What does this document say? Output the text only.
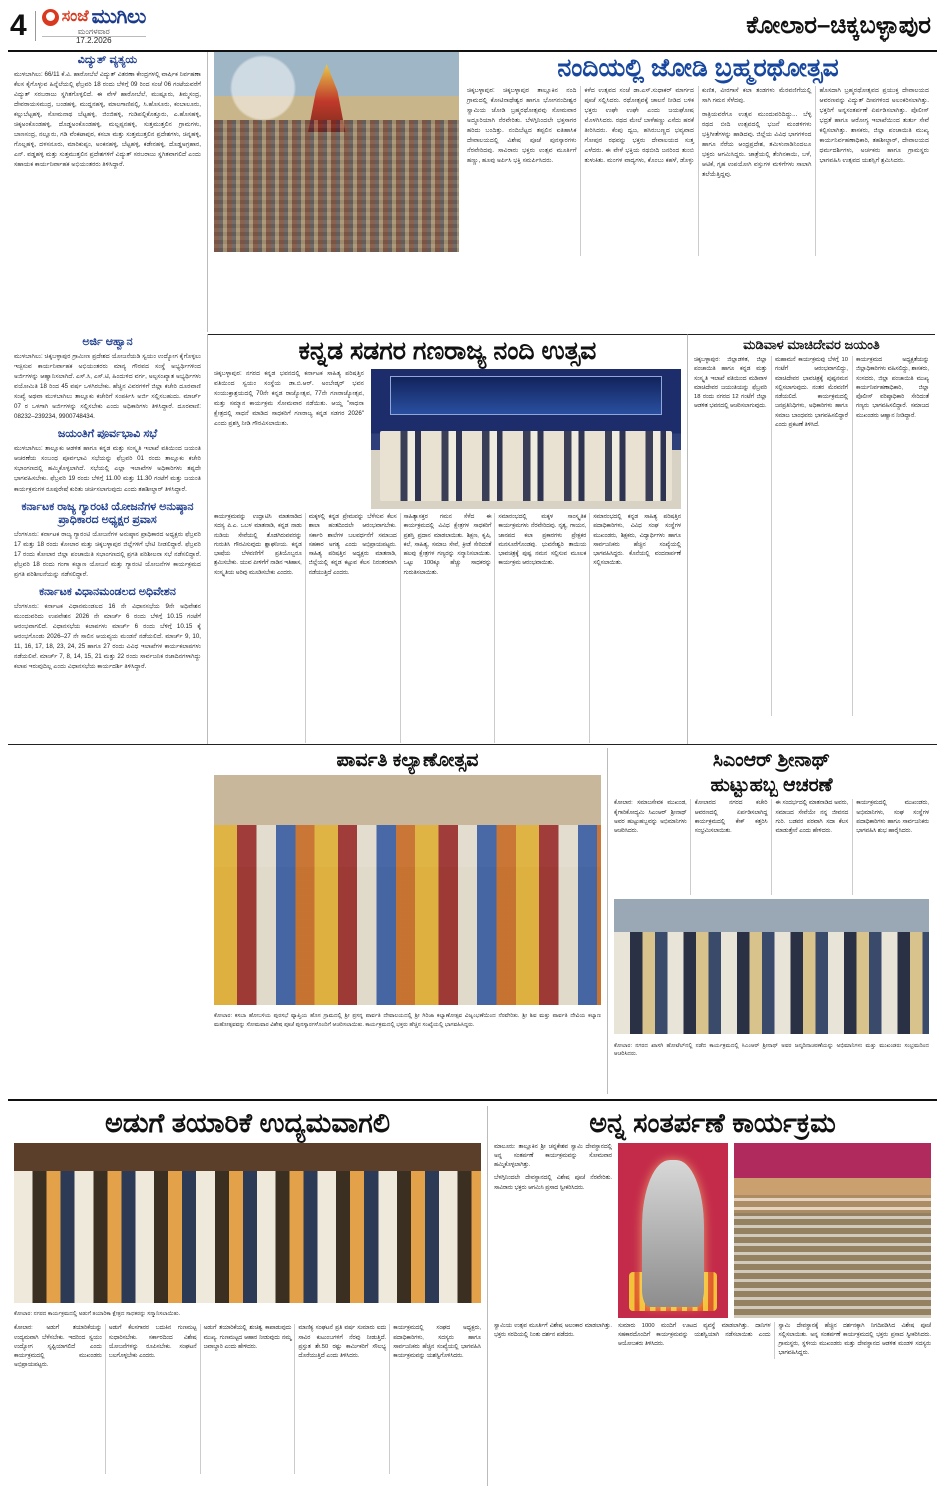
4	ಸಂಜೆ ಮುಗಿಲು
ಮಂಗಳವಾರ
17.2.2026
ಕೋಲಾರ–ಚಿಕ್ಕಬಳ್ಳಾಪುರ
ವಿದ್ಯುತ್ ವ್ಯತ್ಯಯ

ಮುಳಬಾಗಿಲು: 66/11 ಕೆ.ವಿ. ಹಾರೋಬೆಲೆ ವಿದ್ಯುತ್ ವಿತರಣಾ ಕೇಂದ್ರಗಳಲ್ಲಿ ವಾರ್ಷಿಕ ನಿರ್ವಹಣಾ ಕೆಲಸ ಕೈಗೊಳ್ಳುವ ಹಿನ್ನೆಲೆಯಲ್ಲಿ ಫೆಬ್ರವರಿ 18 ರಂದು ಬೆಳಿಗ್ಗೆ 09 ರಿಂದ ಸಂಜೆ 06 ಗಂಟೆಯವರೆಗೆ ವಿದ್ಯುತ್ ಸರಬರಾಜು ಸ್ಥಗಿತಗೊಳ್ಳಲಿದೆ. ಈ ವೇಳೆ ಹಾರೋಬೆಲೆ, ಮುಷ್ಟೂರು, ತಿಮ್ಮಸಂದ್ರ, ದೇವರಾಯಸಮುದ್ರ, ಬಂಡಹಳ್ಳಿ, ಮುದ್ದನಹಳ್ಳಿ, ಮಾಲಗಾಣಿಪಲ್ಲಿ, ಸಿ.ಹೊಸೂರು, ಕಂಬಾಲೂರು, ಕಲ್ಲುಬೆಟ್ಟಹಳ್ಳಿ, ಸೋಮನಾಥ ಬೆಟ್ಟಹಳ್ಳಿ, ಜಿಂಜಿಹಳ್ಳಿ, ಗುಡಿಪಲ್ಲಿಕೊತ್ತೂರು, ಎ.ಹೊಸಹಳ್ಳಿ, ಚಿಕ್ಕಅಂಕೊಂಡಹಳ್ಳಿ, ದೊಡ್ಡಅಂಕೊಂಡಹಳ್ಳಿ, ಮಲ್ಲಪ್ಪನಹಳ್ಳಿ, ಸುತ್ತಮುತ್ತಲಿನ ಗ್ರಾಮಗಳು, ಬಾಣಸಂದ್ರ, ನಲ್ಲೂರು, ಗಡಿ ವೆಂಕಟಾಪುರ, ಕಸಬಾ ಮತ್ತು ಸುತ್ತಮುತ್ತಲಿನ ಪ್ರದೇಶಗಳು, ಚಿನ್ನಹಳ್ಳಿ, ಗೊಲ್ಲಹಳ್ಳಿ, ದಳಸನೂರು, ಮಾರಿಕುಪ್ಪಂ, ಅಂಕನಹಳ್ಳಿ, ಬೆಟ್ಟಹಳ್ಳಿ, ಕಡೇನಹಳ್ಳಿ, ದೊಡ್ಡಅಗ್ರಹಾರ, ಎನ್. ವಡ್ಡಹಳ್ಳಿ ಮತ್ತು ಸುತ್ತಮುತ್ತಲಿನ ಪ್ರದೇಶಗಳಿಗೆ ವಿದ್ಯುತ್ ಸರಬರಾಜು ಸ್ಥಗಿತವಾಗಲಿದೆ ಎಂದು ಸಹಾಯಕ ಕಾರ್ಯನಿರ್ವಾಹಕ ಅಭಿಯಂತರರು ತಿಳಿಸಿದ್ದಾರೆ.

ನಂದಿಯಲ್ಲಿ ಜೋಡಿ ಬ್ರಹ್ಮರಥೋತ್ಸವ

ಚಿಕ್ಕಬಳ್ಳಾಪುರ: ಚಿಕ್ಕಬಳ್ಳಾಪುರ ತಾಲ್ಲೂಕಿನ ನಂದಿ ಗ್ರಾಮದಲ್ಲಿ ಕೋಟಿನಾಥೇಶ್ವರ ಹಾಗೂ ಭೋಗನಂದೀಶ್ವರ ಸ್ವಾಮಿಯ ಜೋಡಿ ಬ್ರಹ್ಮರಥೋತ್ಸವವು ಸೋಮವಾರ ಅದ್ಧೂರಿಯಾಗಿ ನೆರವೇರಿತು. ಬೆಳಗ್ಗಿನಿಂದಲೇ ಭಕ್ತಸಾಗರ ಹರಿದು ಬಂದಿತ್ತು. ನಂದಿಬೆಟ್ಟದ ತಪ್ಪಲಿನ ಐತಿಹಾಸಿಕ ದೇವಾಲಯದಲ್ಲಿ ವಿಶೇಷ ಪೂಜೆ ಪುನಸ್ಕಾರಗಳು ನೆರವೇರಿದವು. ಸಾವಿರಾರು ಭಕ್ತರು ಉತ್ಸವ ಮೂರ್ತಿಗೆ ಹಣ್ಣು, ಹೂವು ಅರ್ಪಿಸಿ ಭಕ್ತಿ ಸಮರ್ಪಿಸಿದರು.

ಕಳೆದ ಉತ್ಸವದ ಸಂಜೆ ಡಾ.ಎಸ್.ಸುಧಾಕರ್ ಮಾರ್ಗದ ಪೂಜೆ ಸಲ್ಲಿಸಿದರು. ರಥೋತ್ಸವಕ್ಕೆ ಚಾಲನೆ ನೀಡಿದ ಬಳಿಕ ಭಕ್ತರು ಉಘೇ ಉಘೇ ಎಂದು ಜಯಘೋಷ ಮೊಳಗಿಸಿದರು. ರಥದ ಮೇಲೆ ಬಾಳೆಹಣ್ಣು ಎಸೆದು ಹರಕೆ ತೀರಿಸಿದರು. ಕೆಂಪು ದ್ವಜ, ಹಸಿರುಬಣ್ಣದ ಭವ್ಯವಾದ ಗೋಪುರ ರಥವನ್ನು ಭಕ್ತರು ದೇವಾಲಯದ ಸುತ್ತ ಎಳೆದರು. ಈ ವೇಳೆ ಭಕ್ತಿಯ ರಥಬೀದಿ ಜನರಿಂದ ತುಂಬಿ ತುಳುಕಿತು. ಮಂಗಳ ವಾದ್ಯಗಳು, ಕೊಂಬು ಕಹಳೆ, ಡೊಳ್ಳು ಕುಣಿತ, ವೀರಗಾಸೆ ಕಲಾ ತಂಡಗಳು ಮೆರವಣಿಗೆಯಲ್ಲಿ ಸಾಗಿ ಗಮನ ಸೆಳೆದವು.

ರಾತ್ರಿಯವರೆಗೂ ಉತ್ಸವ ಮುಂದುವರಿದಿದ್ದು... ಬೆಳ್ಳಿ ರಥದ ಬೀದಿ ಉತ್ಸವದಲ್ಲಿ ಭಜನೆ ಮಂಡಳಿಗಳು ಭಕ್ತಿಗೀತೆಗಳನ್ನು ಹಾಡಿದವು. ಜಿಲ್ಲೆಯ ವಿವಿಧ ಭಾಗಗಳಿಂದ ಹಾಗೂ ನೆರೆಯ ಆಂಧ್ರಪ್ರದೇಶ, ತಮಿಳುನಾಡಿನಿಂದಲೂ ಭಕ್ತರು ಆಗಮಿಸಿದ್ದರು. ಜಾತ್ರೆಯಲ್ಲಿ ತೆಂಗಿನಕಾಯಿ, ಬಳೆ, ಆಟಿಕೆ, ಗೃಹ ಉಪಯೋಗಿ ವಸ್ತುಗಳ ಮಳಿಗೆಗಳು ಸಾಲಾಗಿ ತಲೆಯೆತ್ತಿದ್ದವು.

ಹೊಸದಾಗಿ ಬ್ರಹ್ಮರಥೋತ್ಸವದ ಪ್ರಯುಕ್ತ ದೇವಾಲಯದ ಆವರಣವನ್ನು ವಿದ್ಯುತ್ ದೀಪಗಳಿಂದ ಅಲಂಕರಿಸಲಾಗಿತ್ತು. ಭಕ್ತರಿಗೆ ಅನ್ನಸಂತರ್ಪಣೆ ಏರ್ಪಡಿಸಲಾಗಿತ್ತು. ಪೊಲೀಸ್ ಭದ್ರತೆ ಹಾಗೂ ಆರೋಗ್ಯ ಇಲಾಖೆಯಿಂದ ತುರ್ತು ಸೇವೆ ಕಲ್ಪಿಸಲಾಗಿತ್ತು. ಶಾಸಕರು, ಜಿಲ್ಲಾ ಪಂಚಾಯಿತಿ ಮುಖ್ಯ ಕಾರ್ಯನಿರ್ವಹಣಾಧಿಕಾರಿ, ತಹಶೀಲ್ದಾರ್, ದೇವಾಲಯದ ಧರ್ಮದರ್ಶಿಗಳು, ಅರ್ಚಕರು ಹಾಗೂ ಗ್ರಾಮಸ್ಥರು ಭಾಗವಹಿಸಿ ಉತ್ಸವದ ಯಶಸ್ಸಿಗೆ ಶ್ರಮಿಸಿದರು.

ಅರ್ಜಿ ಆಹ್ವಾನ

ಮುಳಬಾಗಿಲು: ಚಿಕ್ಕಬಳ್ಳಾಪುರ ಗ್ರಾಮೀಣ ಪ್ರದೇಶದ ಯೋಜನೆಯಡಿ ಸ್ವಯಂ ಉದ್ಯೋಗ ಕೈಗೊಳ್ಳಲು ಇಚ್ಛಿಸುವ ಕಾರ್ಯನಿರ್ವಾಹಕ ಅಭಿಯಂತರರು ಮಾನ್ಯ ಗೌರವದ ಸಂಸ್ಥೆ ಅಭ್ಯರ್ಥಿಗಳಿಂದ ಅರ್ಜಿಗಳನ್ನು ಆಹ್ವಾನಿಸಲಾಗಿದೆ. ಎಸ್.ಸಿ, ಎಸ್.ಟಿ, ಹಿಂದುಳಿದ ವರ್ಗ, ಅಲ್ಪಸಂಖ್ಯಾತ ಅಭ್ಯರ್ಥಿಗಳು ವಯೋಮಿತಿ 18 ರಿಂದ 45 ವರ್ಷ ಒಳಗಿರಬೇಕು. ಹೆಚ್ಚಿನ ವಿವರಗಳಿಗೆ ಜಿಲ್ಲಾ ಕಚೇರಿ ದೂರವಾಣಿ ಸಂಖ್ಯೆ ಅಥವಾ ಮುಳಬಾಗಿಲು ತಾಲ್ಲೂಕು ಕಚೇರಿಗೆ ಸಂಪರ್ಕಿಸಿ ಅರ್ಜಿ ಸಲ್ಲಿಸಬಹುದು. ಮಾರ್ಚ್ 07 ರ ಒಳಗಾಗಿ ಅರ್ಜಿಗಳನ್ನು ಸಲ್ಲಿಸಬೇಕು ಎಂದು ಅಧಿಕಾರಿಗಳು ತಿಳಿಸಿದ್ದಾರೆ. ದೂರವಾಣಿ: 08232–239234, 9900748434.

ಜಯಂತಿಗೆ ಪೂರ್ವಭಾವಿ ಸಭೆ

ಮುಳಬಾಗಿಲು: ತಾಲ್ಲೂಕು ಆಡಳಿತ ಹಾಗೂ ಕನ್ನಡ ಮತ್ತು ಸಂಸ್ಕೃತಿ ಇಲಾಖೆ ವತಿಯಿಂದ ಜಯಂತಿ ಆಚರಣೆಯ ಸಂಬಂಧ ಪೂರ್ವಭಾವಿ ಸಭೆಯನ್ನು ಫೆಬ್ರವರಿ 01 ರಂದು ತಾಲ್ಲೂಕು ಕಚೇರಿ ಸಭಾಂಗಣದಲ್ಲಿ ಹಮ್ಮಿಕೊಳ್ಳಲಾಗಿದೆ. ಸಭೆಯಲ್ಲಿ ಎಲ್ಲಾ ಇಲಾಖೆಗಳ ಅಧಿಕಾರಿಗಳು ತಪ್ಪದೇ ಭಾಗವಹಿಸಬೇಕು. ಫೆಬ್ರವರಿ 19 ರಂದು ಬೆಳಿಗ್ಗೆ 11.00 ಮತ್ತು 11.30 ಗಂಟೆಗೆ ಮತ್ತು ಜಯಂತಿ ಕಾರ್ಯಕ್ರಮಗಳ ರೂಪುರೇಷೆ ಕುರಿತು ಚರ್ಚಿಸಲಾಗುವುದು ಎಂದು ತಹಶೀಲ್ದಾರ್ ತಿಳಿಸಿದ್ದಾರೆ.

ಕರ್ನಾಟಕ ರಾಜ್ಯ ಗ್ಯಾರಂಟಿ ಯೋಜನೆಗಳ ಅನುಷ್ಠಾನ ಪ್ರಾಧಿಕಾರದ ಅಧ್ಯಕ್ಷರ ಪ್ರವಾಸ

ಬೆಂಗಳೂರು: ಕರ್ನಾಟಕ ರಾಜ್ಯ ಗ್ಯಾರಂಟಿ ಯೋಜನೆಗಳ ಅನುಷ್ಠಾನ ಪ್ರಾಧಿಕಾರದ ಅಧ್ಯಕ್ಷರು ಫೆಬ್ರವರಿ 17 ಮತ್ತು 18 ರಂದು ಕೋಲಾರ ಮತ್ತು ಚಿಕ್ಕಬಳ್ಳಾಪುರ ಜಿಲ್ಲೆಗಳಿಗೆ ಭೇಟಿ ನೀಡಲಿದ್ದಾರೆ. ಫೆಬ್ರವರಿ 17 ರಂದು ಕೋಲಾರ ಜಿಲ್ಲಾ ಪಂಚಾಯಿತಿ ಸಭಾಂಗಣದಲ್ಲಿ ಪ್ರಗತಿ ಪರಿಶೀಲನಾ ಸಭೆ ನಡೆಸಲಿದ್ದಾರೆ. ಫೆಬ್ರವರಿ 18 ರಂದು ಗಂಗಾ ಕಲ್ಯಾಣ ಯೋಜನೆ ಮತ್ತು ಗ್ಯಾರಂಟಿ ಯೋಜನೆಗಳ ಕಾರ್ಯಕ್ರಮದ ಪ್ರಗತಿ ಪರಿಶೀಲನೆಯನ್ನು ನಡೆಸಲಿದ್ದಾರೆ.

ಕರ್ನಾಟಕ ವಿಧಾನಮಂಡಲದ ಅಧಿವೇಶನ

ಬೆಂಗಳೂರು: ಕರ್ನಾಟಕ ವಿಧಾನಮಂಡಲದ 16 ನೇ ವಿಧಾನಸಭೆಯ 9ನೇ ಅಧಿವೇಶನ ಮುಂದುವರಿದು ಉಪವೇಶನ 2026 ನೇ ಮಾರ್ಚ್ 6 ರಂದು ಬೆಳಿಗ್ಗೆ 10.15 ಗಂಟೆಗೆ ಆರಂಭವಾಗಲಿದೆ. ವಿಧಾನಸಭೆಯ ಕಲಾಪಗಳು ಮಾರ್ಚ್ 6 ರಂದು ಬೆಳಿಗ್ಗೆ 10.15 ಕ್ಕೆ ಆರಂಭಗೊಂಡು 2026–27 ನೇ ಸಾಲಿನ ಆಯವ್ಯಯ ಮಂಡನೆ ನಡೆಯಲಿದೆ. ಮಾರ್ಚ್ 9, 10, 11, 16, 17, 18, 23, 24, 25 ಹಾಗೂ 27 ರಂದು ವಿವಿಧ ಇಲಾಖೆಗಳ ಕಾರ್ಯಕಲಾಪಗಳು ನಡೆಯಲಿವೆ. ಮಾರ್ಚ್ 7, 8, 14, 15, 21 ಮತ್ತು 22 ರಂದು ಸಾರ್ವಜನಿಕ ರಜಾದಿನಗಳಾಗಿದ್ದು ಕಲಾಪ ಇರುವುದಿಲ್ಲ ಎಂದು ವಿಧಾನಸಭೆಯ ಕಾರ್ಯದರ್ಶಿ ತಿಳಿಸಿದ್ದಾರೆ.

ಕನ್ನಡ ಸಡಗರ ಗಣರಾಜ್ಯ ನಂದಿ ಉತ್ಸವ

ಚಿಕ್ಕಬಳ್ಳಾಪುರ: ನಗರದ ಕನ್ನಡ ಭವನದಲ್ಲಿ ಕರ್ನಾಟಕ ಸಾಹಿತ್ಯ ಪರಿಷತ್ತಿನ ವತಿಯಿಂದ ಸ್ವಯಂ ಸಂಸ್ಥೆಯ ಡಾ.ಬಿ.ಆರ್. ಅಂಬೇಡ್ಕರ್ ಭವನ ಸಂಯುಕ್ತಾಶ್ರಯದಲ್ಲಿ 70ನೇ ಕನ್ನಡ ರಾಜ್ಯೋತ್ಸವ, 77ನೇ ಗಣರಾಜ್ಯೋತ್ಸವ, ಮತ್ತು ಸಮ್ಮಾನ ಕಾರ್ಯಕ್ರಮ ಸೋಮವಾರ ನಡೆಯಿತು. ಆಯ್ದ "ಸಾಧನಾ ಕ್ಷೇತ್ರದಲ್ಲಿ ಸಾಧನೆ ಮಾಡಿದ ಸಾಧಕರಿಗೆ ಗಣರಾಜ್ಯ ಕನ್ನಡ ಸಡಗರ 2026" ಎಂದು ಪ್ರಶಸ್ತಿ ನೀಡಿ ಗೌರವಿಸಲಾಯಿತು.

ಕಾರ್ಯಕ್ರಮವನ್ನು ಉದ್ಘಾಟಿಸಿ ಮಾತನಾಡಿದ ಸದಸ್ಯ ಪಿ.ಎ. ಒಬಳ ಮಾತನಾಡಿ, ಕನ್ನಡ ನಾಡು ನುಡಿಯ ಸೇವೆಯಲ್ಲಿ ತೊಡಗಿರುವವರನ್ನು ಗುರುತಿಸಿ ಗೌರವಿಸುವುದು ಶ್ಲಾಘನೀಯ. ಕನ್ನಡ ಭಾಷೆಯ ಬೆಳವಣಿಗೆಗೆ ಪ್ರತಿಯೊಬ್ಬರೂ ಶ್ರಮಿಸಬೇಕು. ಯುವ ಪೀಳಿಗೆಗೆ ನಾಡಿನ ಇತಿಹಾಸ, ಸಂಸ್ಕೃತಿಯ ಅರಿವು ಮೂಡಿಸಬೇಕು ಎಂದರು.

ಮಕ್ಕಳಲ್ಲಿ ಕನ್ನಡ ಪ್ರೇಮವನ್ನು ಬೆಳೆಸುವ ಕೆಲಸ ಶಾಲಾ ಹಂತದಿಂದಲೇ ಆರಂಭವಾಗಬೇಕು. ಸರ್ಕಾರಿ ಶಾಲೆಗಳ ಬಲವರ್ಧನೆಗೆ ಸಮಾಜದ ಸಹಕಾರ ಅಗತ್ಯ ಎಂದು ಅಭಿಪ್ರಾಯಪಟ್ಟರು. ಸಾಹಿತ್ಯ ಪರಿಷತ್ತಿನ ಅಧ್ಯಕ್ಷರು ಮಾತನಾಡಿ, ಜಿಲ್ಲೆಯಲ್ಲಿ ಕನ್ನಡ ಕಟ್ಟುವ ಕೆಲಸ ನಿರಂತರವಾಗಿ ನಡೆಯುತ್ತಿದೆ ಎಂದರು.

ಸಾಹಿತ್ಯಾಸಕ್ತರ ಗಮನ ಸೆಳೆದ ಈ ಕಾರ್ಯಕ್ರಮದಲ್ಲಿ ವಿವಿಧ ಕ್ಷೇತ್ರಗಳ ಸಾಧಕರಿಗೆ ಪ್ರಶಸ್ತಿ ಪ್ರದಾನ ಮಾಡಲಾಯಿತು. ಶಿಕ್ಷಣ, ಕೃಷಿ, ಕಲೆ, ಸಾಹಿತ್ಯ, ಸಮಾಜ ಸೇವೆ, ಕ್ರೀಡೆ ಸೇರಿದಂತೆ ಹಲವು ಕ್ಷೇತ್ರಗಳ ಗಣ್ಯರನ್ನು ಸನ್ಮಾನಿಸಲಾಯಿತು. ಒಟ್ಟು 100ಕ್ಕೂ ಹೆಚ್ಚು ಸಾಧಕರನ್ನು ಗುರುತಿಸಲಾಯಿತು.

ಸಮಾರಂಭದಲ್ಲಿ ಮಕ್ಕಳ ಸಾಂಸ್ಕೃತಿಕ ಕಾರ್ಯಕ್ರಮಗಳು ನೆರವೇರಿದವು. ನೃತ್ಯ, ಗಾಯನ, ಜಾನಪದ ಕಲಾ ಪ್ರಕಾರಗಳು ಪ್ರೇಕ್ಷಕರ ಮನಸೂರೆಗೊಂಡವು. ಭುವನೇಶ್ವರಿ ತಾಯಿಯ ಭಾವಚಿತ್ರಕ್ಕೆ ಪುಷ್ಪ ನಮನ ಸಲ್ಲಿಸುವ ಮೂಲಕ ಕಾರ್ಯಕ್ರಮ ಆರಂಭವಾಯಿತು.

ಸಮಾರಂಭದಲ್ಲಿ ಕನ್ನಡ ಸಾಹಿತ್ಯ ಪರಿಷತ್ತಿನ ಪದಾಧಿಕಾರಿಗಳು, ವಿವಿಧ ಸಂಘ ಸಂಸ್ಥೆಗಳ ಮುಖಂಡರು, ಶಿಕ್ಷಕರು, ವಿದ್ಯಾರ್ಥಿಗಳು ಹಾಗೂ ಸಾರ್ವಜನಿಕರು ಹೆಚ್ಚಿನ ಸಂಖ್ಯೆಯಲ್ಲಿ ಭಾಗವಹಿಸಿದ್ದರು. ಕೊನೆಯಲ್ಲಿ ವಂದನಾರ್ಪಣೆ ಸಲ್ಲಿಸಲಾಯಿತು.

ಮಡಿವಾಳ ಮಾಚಿದೇವರ ಜಯಂತಿ

ಚಿಕ್ಕಬಳ್ಳಾಪುರ: ಜಿಲ್ಲಾಡಳಿತ, ಜಿಲ್ಲಾ ಪಂಚಾಯಿತಿ ಹಾಗೂ ಕನ್ನಡ ಮತ್ತು ಸಂಸ್ಕೃತಿ ಇಲಾಖೆ ವತಿಯಿಂದ ಮಡಿವಾಳ ಮಾಚಿದೇವರ ಜಯಂತಿಯನ್ನು ಫೆಬ್ರವರಿ 18 ರಂದು ನಗರದ 12 ಗಂಟೆಗೆ ಜಿಲ್ಲಾ ಆಡಳಿತ ಭವನದಲ್ಲಿ ಆಚರಿಸಲಾಗುವುದು.

ಮಹಾಮನೆ ಕಾರ್ಯಕ್ರಮವು ಬೆಳಗ್ಗೆ 10 ಗಂಟೆಗೆ ಆರಂಭವಾಗಲಿದ್ದು, ಮಾಚಿದೇವರ ಭಾವಚಿತ್ರಕ್ಕೆ ಪುಷ್ಪನಮನ ಸಲ್ಲಿಸಲಾಗುವುದು. ನಂತರ ಮೆರವಣಿಗೆ ನಡೆಯಲಿದೆ. ಕಾರ್ಯಕ್ರಮದಲ್ಲಿ ಜನಪ್ರತಿನಿಧಿಗಳು, ಅಧಿಕಾರಿಗಳು ಹಾಗೂ ಸಮಾಜ ಬಾಂಧವರು ಭಾಗವಹಿಸಲಿದ್ದಾರೆ ಎಂದು ಪ್ರಕಟಣೆ ತಿಳಿಸಿದೆ.

ಕಾರ್ಯಕ್ರಮದ ಅಧ್ಯಕ್ಷತೆಯನ್ನು ಜಿಲ್ಲಾಧಿಕಾರಿಗಳು ವಹಿಸಲಿದ್ದು, ಶಾಸಕರು, ಸಂಸದರು, ಜಿಲ್ಲಾ ಪಂಚಾಯಿತಿ ಮುಖ್ಯ ಕಾರ್ಯನಿರ್ವಹಣಾಧಿಕಾರಿ, ಜಿಲ್ಲಾ ಪೊಲೀಸ್ ವರಿಷ್ಠಾಧಿಕಾರಿ ಸೇರಿದಂತೆ ಗಣ್ಯರು ಭಾಗವಹಿಸಲಿದ್ದಾರೆ. ಸಮಾಜದ ಮುಖಂಡರು ಆಹ್ವಾನ ನೀಡಿದ್ದಾರೆ.

ಪಾರ್ವತಿ ಕಲ್ಯಾಣೋತ್ಸವ

ಕೋಲಾರ: ಕಸಬಾ ಹೋಬಳಿಯ ಪುರಸಭೆ ವ್ಯಾಪ್ತಿಯ ಹೊಸ ಗ್ರಾಮದಲ್ಲಿ ಶ್ರೀ ಪ್ರಸನ್ನ ಪಾರ್ವತಿ ದೇವಾಲಯದಲ್ಲಿ ಶ್ರೀ ಗಿರಿಜಾ ಕಲ್ಯಾಣೋತ್ಸವ ವಿಜೃಂಭಣೆಯಿಂದ ನೆರವೇರಿತು. ಶ್ರೀ ಶಿವ ಮತ್ತು ಪಾರ್ವತಿ ದೇವಿಯ ಕಲ್ಯಾಣ ಮಹೋತ್ಸವವನ್ನು ಸೋಮವಾರ ವಿಶೇಷ ಪೂಜೆ ಪುನಸ್ಕಾರಗಳೊಂದಿಗೆ ಆಚರಿಸಲಾಯಿತು. ಕಾರ್ಯಕ್ರಮದಲ್ಲಿ ಭಕ್ತರು ಹೆಚ್ಚಿನ ಸಂಖ್ಯೆಯಲ್ಲಿ ಭಾಗವಹಿಸಿದ್ದರು.

ಸಿಎಂಆರ್ ಶ್ರೀನಾಥ್
ಹುಟ್ಟುಹಬ್ಬ ಆಚರಣೆ

ಕೋಲಾರ: ಸಮಾಜಸೇವಕ ಮುಖಂಡ, ಕೈಗಾರಿಕೋದ್ಯಮಿ ಸಿಎಂಆರ್ ಶ್ರೀನಾಥ್ ಅವರ ಹುಟ್ಟುಹಬ್ಬವನ್ನು ಅಭಿಮಾನಿಗಳು ಆಚರಿಸಿದರು.

ಕೋಲಾರದ ನಗರದ ಕಚೇರಿ ಆವರಣದಲ್ಲಿ ಏರ್ಪಡಿಸಲಾಗಿದ್ದ ಕಾರ್ಯಕ್ರಮದಲ್ಲಿ ಕೇಕ್ ಕತ್ತರಿಸಿ ಸಂಭ್ರಮಿಸಲಾಯಿತು.

ಈ ಸಂದರ್ಭದಲ್ಲಿ ಮಾತನಾಡಿದ ಅವರು, ಸಮಾಜದ ಸೇವೆಯೇ ನನ್ನ ಜೀವನದ ಗುರಿ. ಬಡವರ ಪರವಾಗಿ ಸದಾ ಕೆಲಸ ಮಾಡುತ್ತೇನೆ ಎಂದು ಹೇಳಿದರು.

ಕಾರ್ಯಕ್ರಮದಲ್ಲಿ ಮುಖಂಡರು, ಅಭಿಮಾನಿಗಳು, ಸಂಘ ಸಂಸ್ಥೆಗಳ ಪದಾಧಿಕಾರಿಗಳು ಹಾಗೂ ಸಾರ್ವಜನಿಕರು ಭಾಗವಹಿಸಿ ಶುಭ ಹಾರೈಸಿದರು.

ಕೋಲಾರ: ನಗರದ ಖಾಸಗಿ ಹೋಟೆಲ್‌ನಲ್ಲಿ ನಡೆದ ಕಾರ್ಯಕ್ರಮದಲ್ಲಿ ಸಿಎಂಆರ್ ಶ್ರೀನಾಥ್ ಅವರ ಜನ್ಮದಿನಾಚರಣೆಯನ್ನು ಅಭಿಮಾನಿಗಳು ಮತ್ತು ಮುಖಂಡರು ಸಂಭ್ರಮದಿಂದ ಆಚರಿಸಿದರು.

ಅಡುಗೆ ತಯಾರಿಕೆ ಉದ್ಯಮವಾಗಲಿ

ಕೋಲಾರ: ನಗರದ ಕಾರ್ಯಕ್ರಮದಲ್ಲಿ ಅಡುಗೆ ತಯಾರಿಕಾ ಕ್ಷೇತ್ರದ ಸಾಧಕರನ್ನು ಸನ್ಮಾನಿಸಲಾಯಿತು.

ಕೋಲಾರ: ಅಡುಗೆ ತಯಾರಿಕೆಯನ್ನು ಉದ್ಯಮವಾಗಿ ಬೆಳೆಸಬೇಕು. ಇದರಿಂದ ಸ್ವಯಂ ಉದ್ಯೋಗ ಸೃಷ್ಟಿಯಾಗಲಿದೆ ಎಂದು ಕಾರ್ಯಕ್ರಮದಲ್ಲಿ ಮುಖಂಡರು ಅಭಿಪ್ರಾಯಪಟ್ಟರು.

ಅಡುಗೆ ಕೆಲಸಗಾರರ ಬದುಕಿನ ಗುಣಮಟ್ಟ ಸುಧಾರಿಸಬೇಕು. ಸರ್ಕಾರದಿಂದ ವಿಶೇಷ ಯೋಜನೆಗಳನ್ನು ರೂಪಿಸಬೇಕು. ಸಂಘಟನೆ ಬಲಗೊಳ್ಳಬೇಕು ಎಂದರು.

ಅಡುಗೆ ತಯಾರಿಕೆಯಲ್ಲಿ ಶುಚಿತ್ವ ಕಾಪಾಡುವುದು ಮುಖ್ಯ. ಗುಣಮಟ್ಟದ ಆಹಾರ ನೀಡುವುದು ನಮ್ಮ ಜವಾಬ್ದಾರಿ ಎಂದು ಹೇಳಿದರು.

ಮಾಣಿಕ್ಯ ಸಂಘಟನೆ ಪ್ರತಿ ವರ್ಷ ಸುಮಾರು ಐದು ಸಾವಿರ ಕುಟುಂಬಗಳಿಗೆ ನೆರವು ನೀಡುತ್ತಿದೆ. ಪ್ರಸ್ತುತ ಶೇ.50 ರಷ್ಟು ಕಾರ್ಮಿಕರಿಗೆ ಸೌಲಭ್ಯ ದೊರೆಯುತ್ತಿದೆ ಎಂದು ತಿಳಿಸಿದರು.

ಕಾರ್ಯಕ್ರಮದಲ್ಲಿ ಸಂಘದ ಅಧ್ಯಕ್ಷರು, ಪದಾಧಿಕಾರಿಗಳು, ಸದಸ್ಯರು ಹಾಗೂ ಸಾರ್ವಜನಿಕರು ಹೆಚ್ಚಿನ ಸಂಖ್ಯೆಯಲ್ಲಿ ಭಾಗವಹಿಸಿ ಕಾರ್ಯಕ್ರಮವನ್ನು ಯಶಸ್ವಿಗೊಳಿಸಿದರು.

ಅನ್ನ ಸಂತರ್ಪಣೆ ಕಾರ್ಯಕ್ರಮ

ಮಾಲೂರು: ತಾಲ್ಲೂಕಿನ ಶ್ರೀ ಚನ್ನಕೇಶವ ಸ್ವಾಮಿ ದೇವಸ್ಥಾನದಲ್ಲಿ ಅನ್ನ ಸಂತರ್ಪಣೆ ಕಾರ್ಯಕ್ರಮವನ್ನು ಸೋಮವಾರ ಹಮ್ಮಿಕೊಳ್ಳಲಾಗಿತ್ತು.

ಬೆಳಗ್ಗಿನಿಂದಲೇ ದೇವಸ್ಥಾನದಲ್ಲಿ ವಿಶೇಷ ಪೂಜೆ ನೆರವೇರಿತು. ಸಾವಿರಾರು ಭಕ್ತರು ಆಗಮಿಸಿ ಪ್ರಸಾದ ಸ್ವೀಕರಿಸಿದರು.

ಸ್ವಾಮಿಯ ಉತ್ಸವ ಮೂರ್ತಿಗೆ ವಿಶೇಷ ಅಲಂಕಾರ ಮಾಡಲಾಗಿತ್ತು. ಭಕ್ತರು ಸರದಿಯಲ್ಲಿ ನಿಂತು ದರ್ಶನ ಪಡೆದರು.

ಸುಮಾರು 1000 ಮಂದಿಗೆ ಊಟದ ವ್ಯವಸ್ಥೆ ಮಾಡಲಾಗಿತ್ತು. ದಾನಿಗಳ ಸಹಕಾರದೊಂದಿಗೆ ಕಾರ್ಯಕ್ರಮವನ್ನು ಯಶಸ್ವಿಯಾಗಿ ನಡೆಸಲಾಯಿತು ಎಂದು ಆಯೋಜಕರು ತಿಳಿಸಿದರು.

ಸ್ವಾಮಿ ದೇವಸ್ಥಾನಕ್ಕೆ ಹೆಚ್ಚಿನ ದರ್ಶನಕ್ಕಾಗಿ ನಿಗದಿಪಡಿಸಿದ ವಿಶೇಷ ಪೂಜೆ ಸಲ್ಲಿಸಲಾಯಿತು. ಅನ್ನ ಸಂತರ್ಪಣೆ ಕಾರ್ಯಕ್ರಮದಲ್ಲಿ ಭಕ್ತರು ಪ್ರಸಾದ ಸ್ವೀಕರಿಸಿದರು. ಗ್ರಾಮಸ್ಥರು, ಸ್ಥಳೀಯ ಮುಖಂಡರು ಮತ್ತು ದೇವಸ್ಥಾನದ ಆಡಳಿತ ಮಂಡಳಿ ಸದಸ್ಯರು ಭಾಗವಹಿಸಿದ್ದರು.
